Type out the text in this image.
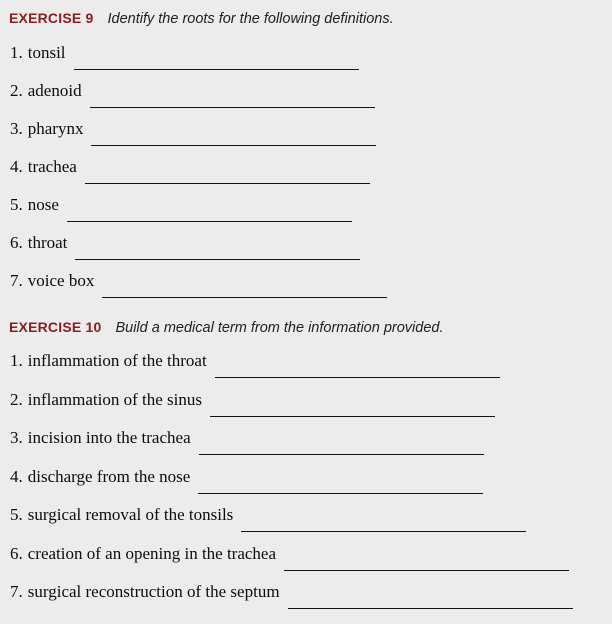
EXERCISE 9 Identify the roots for the following definitions.
1. tonsil
2. adenoid
3. pharynx
4. trachea
5. nose
6. throat
7. voice box
EXERCISE 10 Build a medical term from the information provided.
1. inflammation of the throat
2. inflammation of the sinus
3. incision into the trachea
4. discharge from the nose
5. surgical removal of the tonsils
6. creation of an opening in the trachea
7. surgical reconstruction of the septum
